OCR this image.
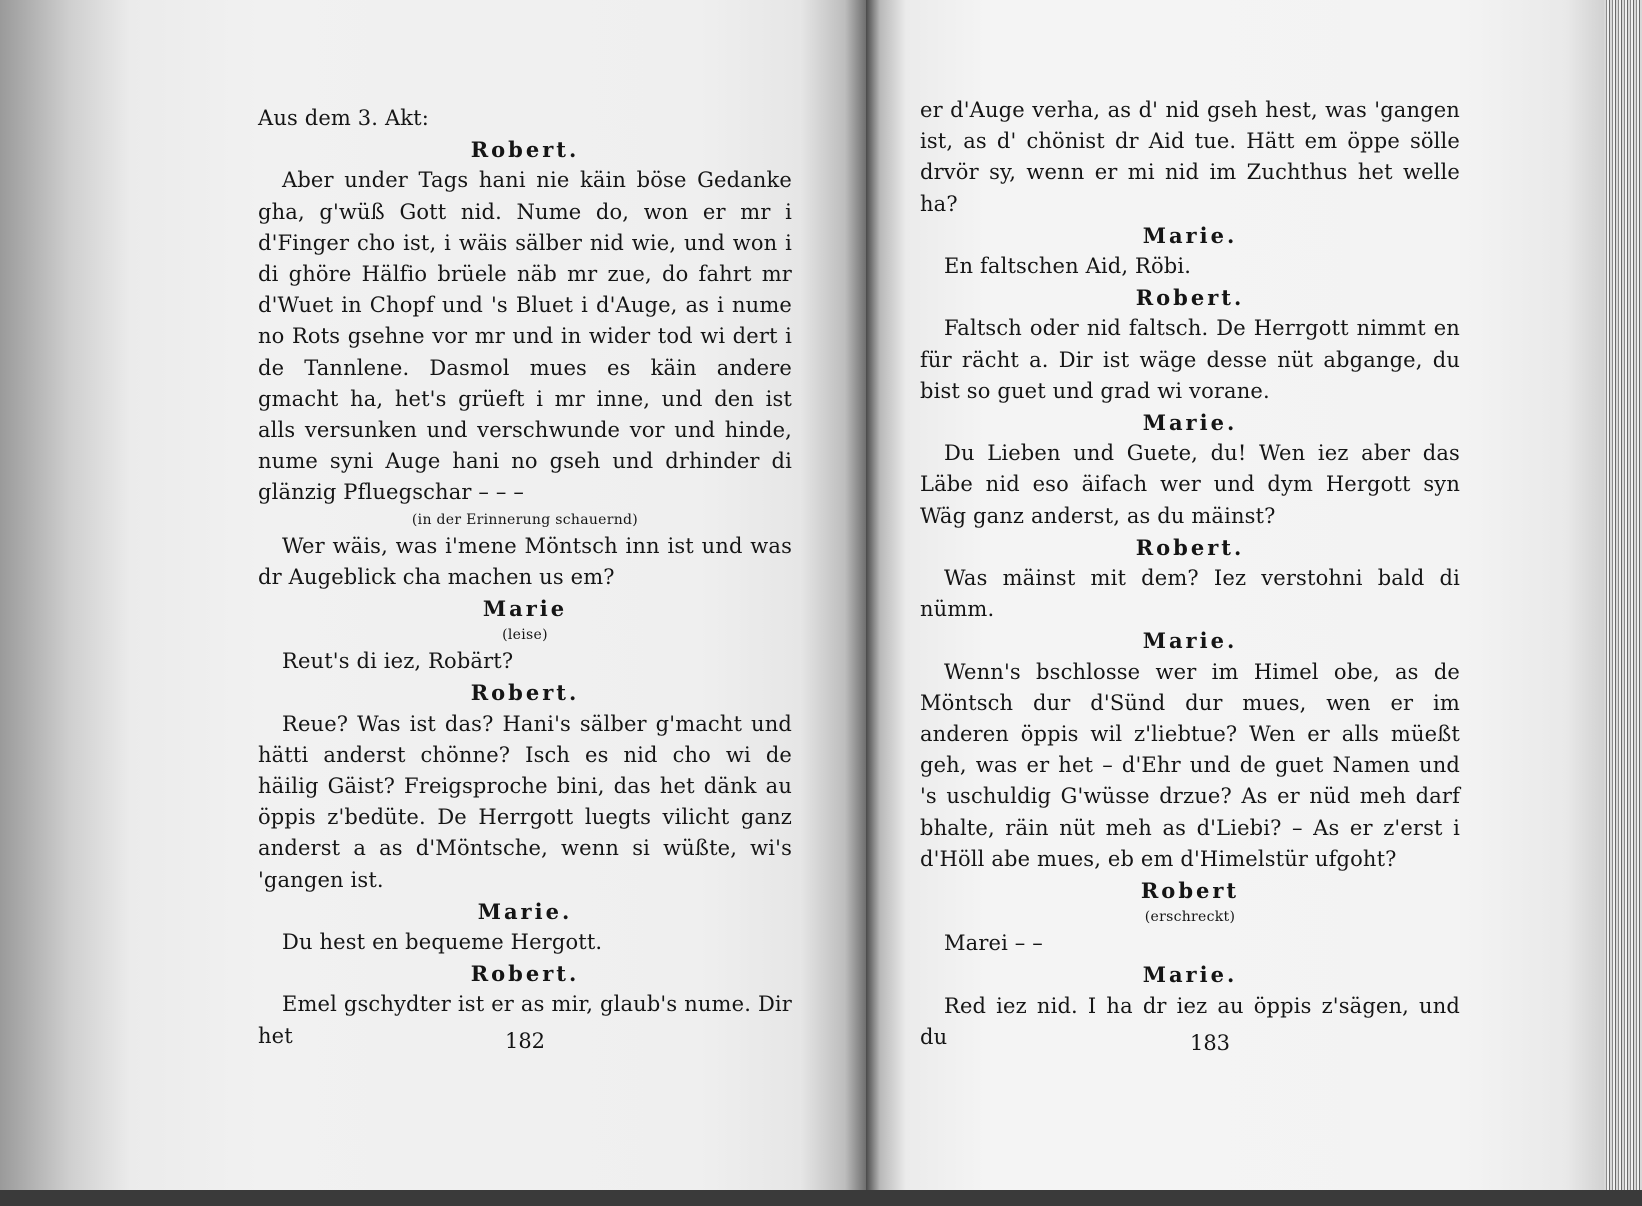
Aus dem 3. Akt:

Robert.

Aber under Tags hani nie käin böse Gedanke gha, g'wüß Gott nid. Nume do, won er mr i d'Finger cho ist, i wäis sälber nid wie, und won i di ghöre Hälfio brüele näb mr zue, do fahrt mr d'Wuet in Chopf und 's Bluet i d'Auge, as i nume no Rots gsehne vor mr und in wider tod wi dert i de Tannlene. Dasmol mues es käin andere gmacht ha, het's grüeft i mr inne, und den ist alls versunken und verschwunde vor und hinde, nume syni Auge hani no gseh und drhinder di glänzig Pfluegschar – – –

(in der Erinnerung schauernd)

Wer wäis, was i'mene Möntsch inn ist und was dr Augeblick cha machen us em?

Marie

(leise)

Reut's di iez, Robärt?

Robert.

Reue? Was ist das? Hani's sälber g'macht und hätti anderst chönne? Isch es nid cho wi de häilig Gäist? Freigsproche bini, das het dänk au öppis z'bedüte. De Herrgott luegts vilicht ganz anderst a as d'Möntsche, wenn si wüßte, wi's 'gangen ist.

Marie.

Du hest en bequeme Hergott.

Robert.

Emel gschydter ist er as mir, glaub's nume. Dir het	182

er d'Auge verha, as d' nid gseh hest, was 'gangen ist, as d' chönist dr Aid tue. Hätt em öppe sölle drvör sy, wenn er mi nid im Zuchthus het welle ha?

Marie.

En faltschen Aid, Röbi.

Robert.

Faltsch oder nid faltsch. De Herrgott nimmt en für rächt a. Dir ist wäge desse nüt abgange, du bist so guet und grad wi vorane.

Marie.

Du Lieben und Guete, du! Wen iez aber das Läbe nid eso äifach wer und dym Hergott syn Wäg ganz anderst, as du mäinst?

Robert.

Was mäinst mit dem? Iez verstohni bald di nümm.

Marie.

Wenn's bschlosse wer im Himel obe, as de Möntsch dur d'Sünd dur mues, wen er im anderen öppis wil z'liebtue? Wen er alls müeßt geh, was er het – d'Ehr und de guet Namen und 's uschuldig G'wüsse drzue? As er nüd meh darf bhalte, räin nüt meh as d'Liebi? – As er z'erst i d'Höll abe mues, eb em d'Himelstür ufgoht?

Robert

(erschreckt)

Marei – –

Marie.

Red iez nid. I ha dr iez au öppis z'sägen, und du	183
